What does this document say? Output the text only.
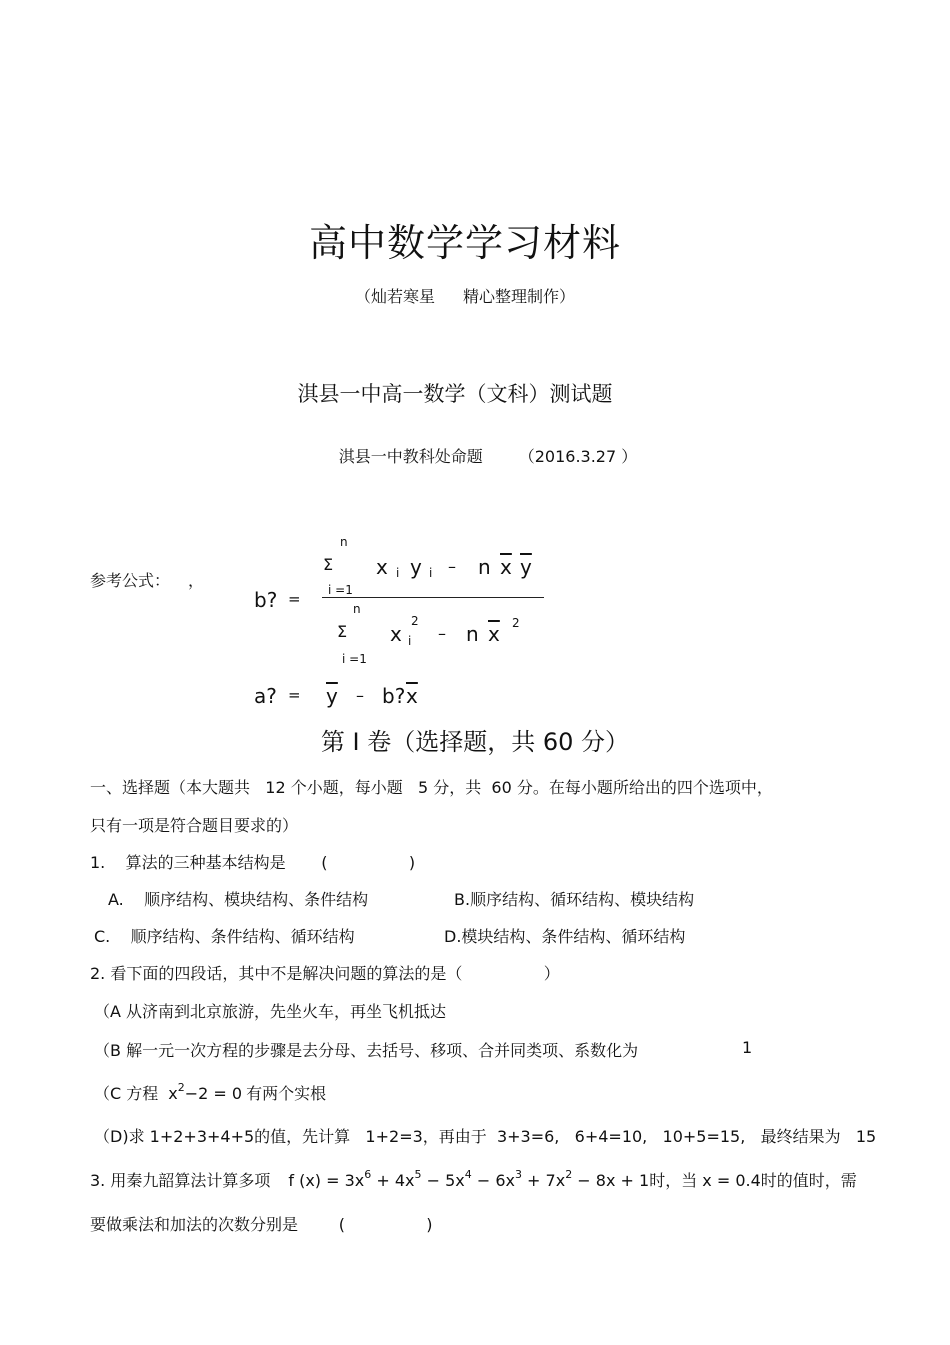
高中数学学习材料
（灿若寒星 精心整理制作）
淇县一中高一数学（文科）测试题
淇县一中教科处命题 （2016.3.27 ）
参考公式： ，
n
Σ
i =1
x i y i – n $\overline{x}$ $\overline{y}$
b? =
n
Σ
i =1
x
2
i – n $\overline{x}$ 2
a? = $\overline{y}$ – b? $\overline{x}$
第 I 卷（选择题，共 60 分）
一、选择题（本大题共   12 个小题，每小题   5 分，共  60 分。在每小题所给出的四个选项中，
只有一项是符合题目要求的）
1.    算法的三种基本结构是       (                )
A.    顺序结构、模块结构、条件结构	B.顺序结构、循环结构、模块结构
C.    顺序结构、条件结构、循环结构	D.模块结构、条件结构、循环结构
2. 看下面的四段话，其中不是解决问题的算法的是（                ）
（A 从济南到北京旅游，先坐火车，再坐飞机抵达
（B 解一元一次方程的步骤是去分母、去括号、移项、合并同类项、系数化为	1
（C 方程 $x^2-2 = 0$ 有两个实根
（D)求 1+2+3+4+5的值，先计算   1+2=3，再由于  3+3=6,   6+4=10,   10+5=15,   最终结果为   15
3. 用秦九韶算法计算多项 f $(x) = 3x^6 + 4x^5 - 5x^4 - 6x^3 + 7x^2 - 8x + 1$时，当 x = 0.4时的值时，需
要做乘法和加法的次数分别是        (                )
